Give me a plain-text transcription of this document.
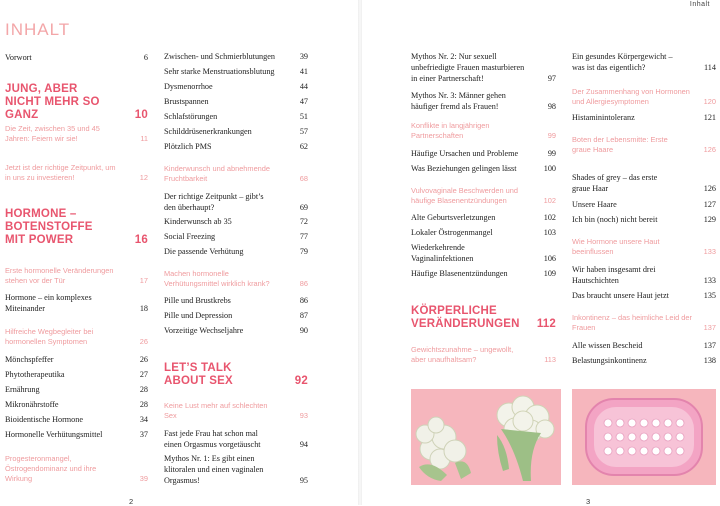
Inhalt
INHALT
Vorwort	6
JUNG, ABER NICHT MEHR SO GANZ	10
Die Zeit, zwischen 35 und 45 Jahren: Feiern wir sie!	11
Jetzt ist der richtige Zeitpunkt, um in uns zu investieren!	12
HORMONE – BOTENSTOFFE MIT POWER	16
Erste hormonelle Veränderungen stehen vor der Tür	17
Hormone – ein komplexes Miteinander	18
Hilfreiche Wegbegleiter bei hormonellen Symptomen	26
Mönchspfeffer	26
Phytotherapeutika	27
Ernährung	28
Mikronährstoffe	28
Bioidentische Hormone	34
Hormonelle Verhütungsmittel	37
Progesteronmangel, Östrogendominanz und ihre Wirkung	39
Zwischen- und Schmierblutungen	39
Sehr starke Menstruationsblutung	41
Dysmenorrhoe	44
Brustspannen	47
Schlafstörungen	51
Schilddrüsenerkrankungen	57
Plötzlich PMS	62
Kinderwunsch und abnehmende Fruchtbarkeit	68
Der richtige Zeitpunkt – gibt’s den überhaupt?	69
Kinderwunsch ab 35	72
Social Freezing	77
Die passende Verhütung	79
Machen hormonelle Verhütungsmittel wirklich krank?	86
Pille und Brustkrebs	86
Pille und Depression	87
Vorzeitige Wechseljahre	90
LET’S TALK ABOUT SEX	92
Keine Lust mehr auf schlechten Sex	93
Fast jede Frau hat schon mal einen Orgasmus vorgetäuscht	94
Mythos Nr. 1: Es gibt einen klitoralen und einen vaginalen Orgasmus!	95
Mythos Nr. 2: Nur sexuell unbefriedigte Frauen masturbieren in einer Partnerschaft!	97
Mythos Nr. 3: Männer gehen häufiger fremd als Frauen!	98
Konflikte in langjährigen Partnerschaften	99
Häufige Ursachen und Probleme	99
Was Beziehungen gelingen lässt	100
Vulvovaginale Beschwerden und häufige Blasenentzündungen	102
Alte Geburtsverletzungen	102
Lokaler Östrogenmangel	103
Wiederkehrende Vaginalinfektionen	106
Häufige Blasenentzündungen	109
KÖRPERLICHE VERÄNDERUNGEN	112
Gewichtszunahme – ungewollt, aber unaufhaltsam?	113
Ein gesundes Körpergewicht – was ist das eigentlich?	114
Der Zusammenhang von Hormonen und Allergiesymptomen	120
Histaminintoleranz	121
Boten der Lebensmitte: Erste graue Haare	126
Shades of grey – das erste graue Haar	126
Unsere Haare	127
Ich bin (noch) nicht bereit	129
Wie Hormone unsere Haut beeinflussen	133
Wir haben insgesamt drei Hautschichten	133
Das braucht unsere Haut jetzt	135
Inkontinenz – das heimliche Leid der Frauen	137
Alle wissen Bescheid	137
Belastungsinkontinenz	138
2	3
